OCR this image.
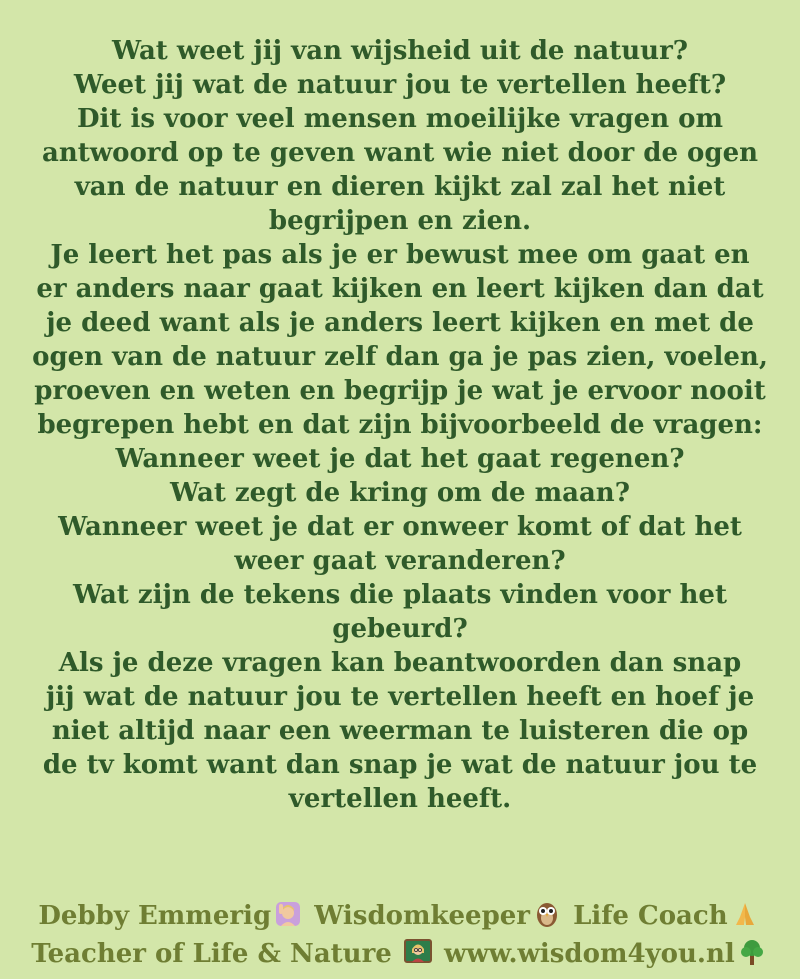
Wat weet jij van wijsheid uit de natuur?
Weet jij wat de natuur jou te vertellen heeft?
Dit is voor veel mensen moeilijke vragen om
antwoord op te geven want wie niet door de ogen
van de natuur en dieren kijkt zal zal het niet
begrijpen en zien.
Je leert het pas als je er bewust mee om gaat en
er anders naar gaat kijken en leert kijken dan dat
je deed want als je anders leert kijken en met de
ogen van de natuur zelf dan ga je pas zien, voelen,
proeven en weten en begrijp je wat je ervoor nooit
begrepen hebt en dat zijn bijvoorbeeld de vragen:
Wanneer weet je dat het gaat regenen?
Wat zegt de kring om de maan?
Wanneer weet je dat er onweer komt of dat het
weer gaat veranderen?
Wat zijn de tekens die plaats vinden voor het
gebeurd?
Als je deze vragen kan beantwoorden dan snap
jij wat de natuur jou te vertellen heeft en hoef je
niet altijd naar een weerman te luisteren die op
de tv komt want dan snap je wat de natuur jou te
vertellen heeft.
Debby Emmerig Wisdomkeeper Life Coach
Teacher of Life & Nature www.wisdom4you.nl
